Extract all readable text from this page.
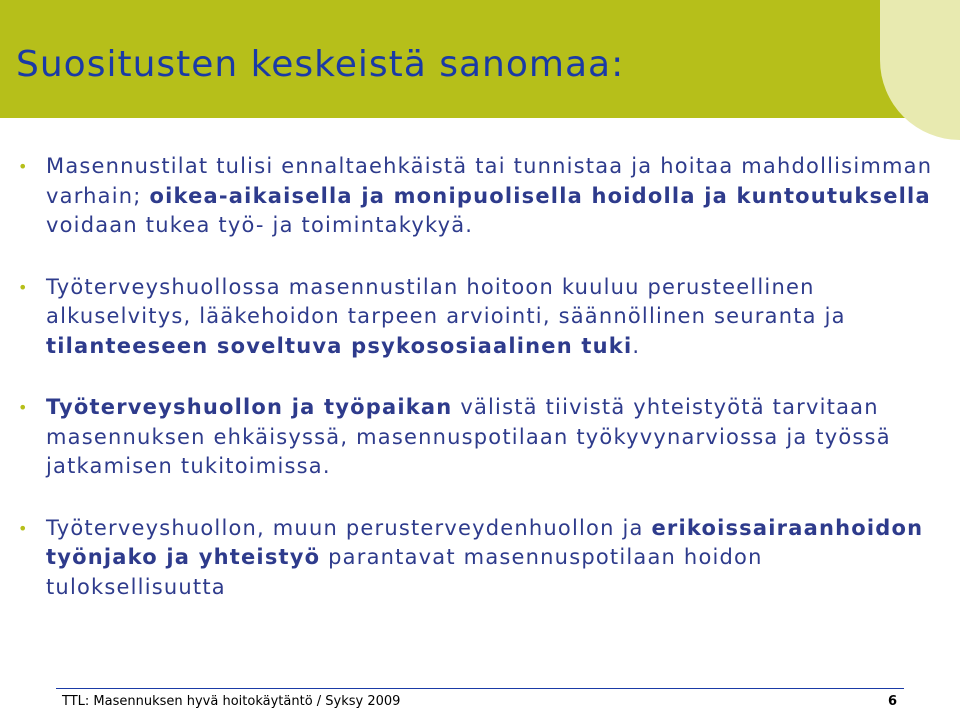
Suositusten keskeistä sanomaa:
• Masennustilat tulisi ennaltaehkäistä tai tunnistaa ja hoitaa mahdollisimman varhain; oikea-aikaisella ja monipuolisella hoidolla ja kuntoutuksella voidaan tukea työ- ja toimintakykyä.
• Työterveyshuollossa masennustilan hoitoon kuuluu perusteellinen alkuselvitys, lääkehoidon tarpeen arviointi, säännöllinen seuranta ja tilanteeseen soveltuva psykososiaalinen tuki.
• Työterveyshuollon ja työpaikan välistä tiivistä yhteistyötä tarvitaan masennuksen ehkäisyssä, masennuspotilaan työkyvynarviossa ja työssä jatkamisen tukitoimissa.
• Työterveyshuollon, muun perusterveydenhuollon ja erikoissairaanhoidon työnjako ja yhteistyö parantavat masennuspotilaan hoidon tuloksellisuutta
TTL: Masennuksen hyvä hoitokäytäntö / Syksy 2009	6
